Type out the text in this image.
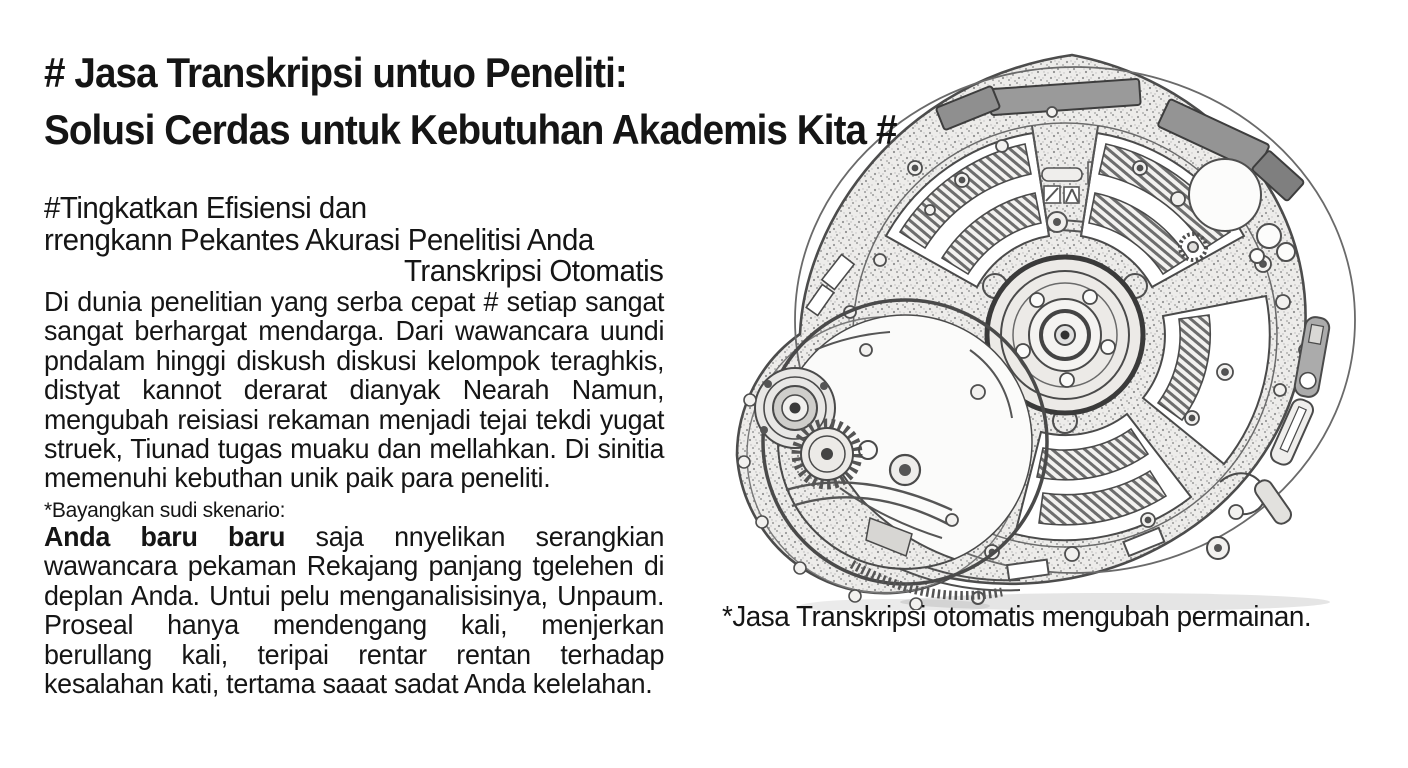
# Jasa Transkripsi untuo Peneliti:
Solusi Cerdas untuk Kebutuhan Akademis Kita #
#Tingkatkan Efisiensi dan
rrengkann Pekantes Akurasi Penelitisi Anda
Transkripsi Otomatis
Di dunia penelitian yang serba cepat # setiap sangat sangat berhargat mendarga. Dari wawancara uundi pndalam hinggi diskush diskusi kelompok teraghkis, distyat kannot derarat dianyak Nearah Namun, mengubah reisiasi rekaman menjadi tejai tekdi yugat struek, Tiunad tugas muaku dan mellahkan. Di sinitia memenuhi kebuthan unik paik para peneliti.
*Bayangkan sudi skenario:
Anda baru baru saja nnyelikan serangkian wawancara pekaman Rekajang panjang tgelehen di deplan Anda. Untui pelu menganalisisinya, Unpaum. Proseal hanya mendengang kali, menjerkan berullang kali, teripai rentar rentan terhadap kesalahan kati, tertama saaat sadat Anda kelelahan.
*Jasa Transkripsi otomatis mengubah permainan.
